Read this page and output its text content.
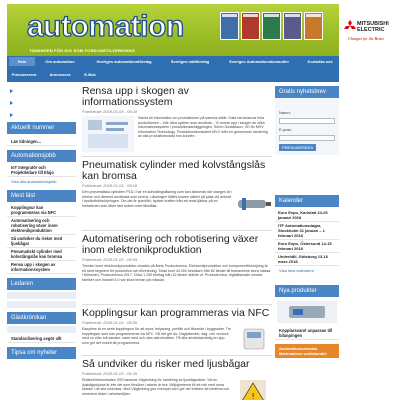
automation
TIDNINGEN FÖR DIG SOM FORDONSTILVERKNING
MITSUBISHI
ELECTRIC
Changes for the Better
Hem	Om automation	Sveriges automationsföretag	Sveriges mätföretag	Sveriges Automationskonsulter	Kontakta oss
Prenumerera	Annonsera	E-Bok
Aktuellt nummer
Läs tidningen...
Automationsjobb
IoT Integratör och Projektledare till Elajo
Visa alla automationsjobb
Mest läst
Kopplingsur kan programmeras via NFC
Automatisering och robotisering växer inom elektronikproduktion
Så undviker du risker med ljusbågar
Pneumatiskt cylinder med kolvstångslås kan bromsa
Rensa upp i skogen av informationssystem
Ledaren
Gästkrönikan
Standardisering avgör allt
Tipsa om nyheter
Rensa upp i skogen av informationssystem
Publicerad: 2018-01-05 - 09:18
Samla all information om produktionen på samma ställe. Data via lanseras hela produktionen – inte olika system som används... Vi rensar upp i skogen av olika informationssystem i produktionsanläggningen, Sören Gustafsson, VD för MVV Information Technology. Produktionskonsulent MVV inför en gemensam hantering av alla produktionsdata hos kunden.
Pneumatisk cylinder med kolvstångslås kan bromsa
Publicerad: 2018-01-04 - 09:18
Den pneumatiska cylindern P1D-I har en kolvstångslåsning som kan aktiveras när slangen är i rörelse och därmed användas som broms. Låsningen hålles kvaren säkert på plats vid avbrott i tryckluftsförsörjningen. Om det är specifikt, trycker kraften från ett antal fjädrar på en metallenen som låser fast kolven med låsstålar.
Automatisering och robotisering växer inom elektronikproduktion
Publicerad: 2018-01-02 - 09:09
Trender inom elektronikproduktion visades på årets Productronica. Elektronikproduktion och komponentförsörjning är ett stort segment för produktion och tillverkning. Totalt kom 44 000 besökare från 82 länder till branschens stora mässa i München, Productronica 2017. Cirka 1 250 företag från 42 länder ställde ut. Productronica, digitaliserade smarta fabriker och Industri 4.0 var stora teman på mässan.
Kopplingsur kan programmeras via NFC
Publicerad: 2018-01-02 - 08:35
Easytime är en serie kopplingsur för att styra, belysning, portlås och liknande i byggnader. Tre kopplingsur som kan programmeras via NFC. Så här gör du: Dagkalender, dag- och veckour med en eller två kanaler, samt med och utan astrofunktion. Få alla användarvänlig en app som gör det enkelt att programmera.
Så undviker du risker med ljusbågar
Publicerad: 2018-01-02 - 06:35
Elsäkerhetsnormalen SS0 lanserar Vägledning för hantering av ljusbågsrisker. Vid en ljusbågsolycka är inte det som försöker i arbete är bra. Möjligheterna till ett risk med stora skador i de ska undvikas. Med Vägledning ges exempel som gör det enklare att bedöma och minimera risker i arbetsmiljöer.	!
Gratis nyhetsbrev
Namn:
E-post:
PRENUMERERA
Kalender
Euro Expo, Karlstad 24-25 januari 2018
ITF Automationsdagar, Stockholm 31 januari – 1 februari 2018
Euro Expo, Östersund 14-15 februari 2018
Underhåll, Göteborg 13-16 mars 2018
Visa hela kalendern
Nya produkter
Kopplarsvaret anpassas till bilanpingen
Automationsmestas Marknadens webbhandel
